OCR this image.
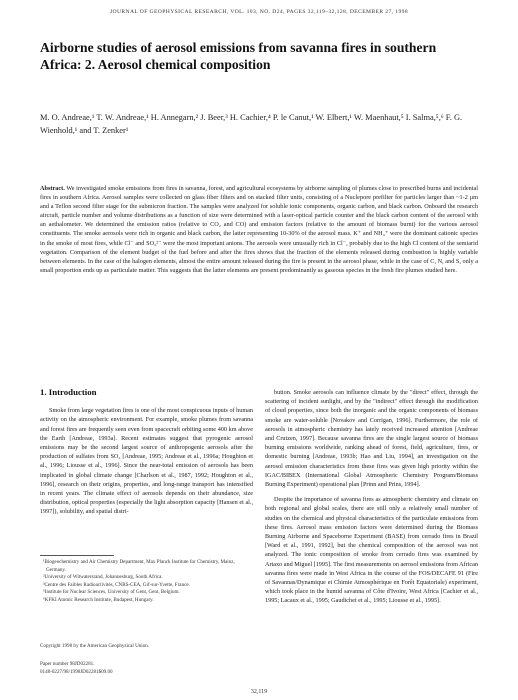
JOURNAL OF GEOPHYSICAL RESEARCH, VOL. 103, NO. D24, PAGES 32,119–32,128, DECEMBER 27, 1998
Airborne studies of aerosol emissions from savanna fires in southern Africa: 2. Aerosol chemical composition
M. O. Andreae,¹ T. W. Andreae,¹ H. Annegarn,² J. Beer,³ H. Cachier,⁴ P. le Canut,¹ W. Elbert,¹ W. Maenhaut,⁵ I. Salma,⁵,⁶ F. G. Wienhold,¹ and T. Zenker¹
Abstract. We investigated smoke emissions from fires in savanna, forest, and agricultural ecosystems by airborne sampling of plumes close to prescribed burns and incidental fires in southern Africa. Aerosol samples were collected on glass fiber filters and on stacked filter units, consisting of a Nuclepore prefilter for particles larger than ~1-2 μm and a Teflon second filter stage for the submicron fraction. The samples were analyzed for soluble ionic components, organic carbon, and black carbon. Onboard the research aircraft, particle number and volume distributions as a function of size were determined with a laser-optical particle counter and the black carbon content of the aerosol with an aethalometer. We determined the emission ratios (relative to CO₂ and CO) and emission factors (relative to the amount of biomass burnt) for the various aerosol constituents. The smoke aerosols were rich in organic and black carbon, the latter representing 10-30% of the aerosol mass. K⁺ and NH₄⁺ were the dominant cationic species in the smoke of most fires, while Cl⁻ and SO₄²⁻ were the most important anions. The aerosols were unusually rich in Cl⁻, probably due to the high Cl content of the semiarid vegetation. Comparison of the element budget of the fuel before and after the fires shows that the fraction of the elements released during combustion is highly variable between elements. In the case of the halogen elements, almost the entire amount released during the fire is present in the aerosol phase, while in the case of C, N, and S, only a small proportion ends up as particulate matter. This suggests that the latter elements are present predominantly as gaseous species in the fresh fire plumes studied here.
1. Introduction

Smoke from large vegetation fires is one of the most conspicuous inputs of human activity on the atmospheric environment. For example, smoke plumes from savanna and forest fires are frequently seen even from spacecraft orbiting some 400 km above the Earth [Andreae, 1993a]. Recent estimates suggest that pyrogenic aerosol emissions may be the second largest source of anthropogenic aerosols after the production of sulfates from SO₂ [Andreae, 1995; Andreae et al., 1996a; Houghton et al., 1996; Liousse et al., 1996]. Since the near-total emission of aerosols has been implicated in global climate change [Charlson et al., 1987, 1992; Houghton et al., 1996], research on their origins, properties, and long-range transport has intensified in recent years. The climate effect of aerosols depends on their abundance, size distribution, optical properties (especially the light absorption capacity [Hansen et al., 1997]), solubility, and spatial distri-

bution. Smoke aerosols can influence climate by the "direct" effect, through the scattering of incident sunlight, and by the "indirect" effect through the modification of cloud properties, since both the inorganic and the organic components of biomass smoke are water-soluble [Novakov and Corrigan, 1996]. Furthermore, the role of aerosols in atmospheric chemistry has lately received increased attention [Andreae and Crutzen, 1997]. Because savanna fires are the single largest source of biomass burning emissions worldwide, ranking ahead of forest, field, agriculture, fires, or domestic burning [Andreae, 1993b; Hao and Liu, 1994], an investigation on the aerosol emission characteristics from these fires was given high priority within the IGAC/BIBEX (International Global Atmospheric Chemistry Program/Biomass Burning Experiment) operational plan [Prinn and Prins, 1994].

Despite the importance of savanna fires as atmospheric chemistry and climate on both regional and global scales, there are still only a relatively small number of studies on the chemical and physical characteristics of the particulate emissions from these fires. Aerosol mass emission factors were determined during the Biomass Burning Airborne and Spaceborne Experiment (BASE) from cerrado fires in Brazil [Ward et al., 1991, 1992], but the chemical composition of the aerosol was not analyzed. The ionic composition of smoke from cerrado fires was examined by Artaxo and Miguel [1995]. The first measurements on aerosol emissions from African savanna fires were made in West Africa in the course of the FOS/DECAFE 91 (Fire of Savannas/Dynamique et Chimie Atmosphérique en Forêt Equatoriale) experiment, which took place in the humid savanna of Côte d'Ivoire, West Africa [Cachier et al., 1995; Lacaux et al., 1995; Gaudichet et al., 1995; Liousse et al., 1995].

¹Biogeochemistry and Air Chemistry Department, Max Planck Institute for Chemistry, Mainz, Germany.

²University of Witwatersrand, Johannesburg, South Africa.

³Centre des Faibles Radioactivités, CNRS-CEA, Gif-sur-Yvette, France.

⁵Institute for Nuclear Sciences, University of Gent, Gent, Belgium.

⁶KFKI Atomic Research Institute, Budapest, Hungary.

Copyright 1998 by the American Geophysical Union.

Paper number 98JD02281.

0148-0227/98/1998JD02281$09.00

32,119
